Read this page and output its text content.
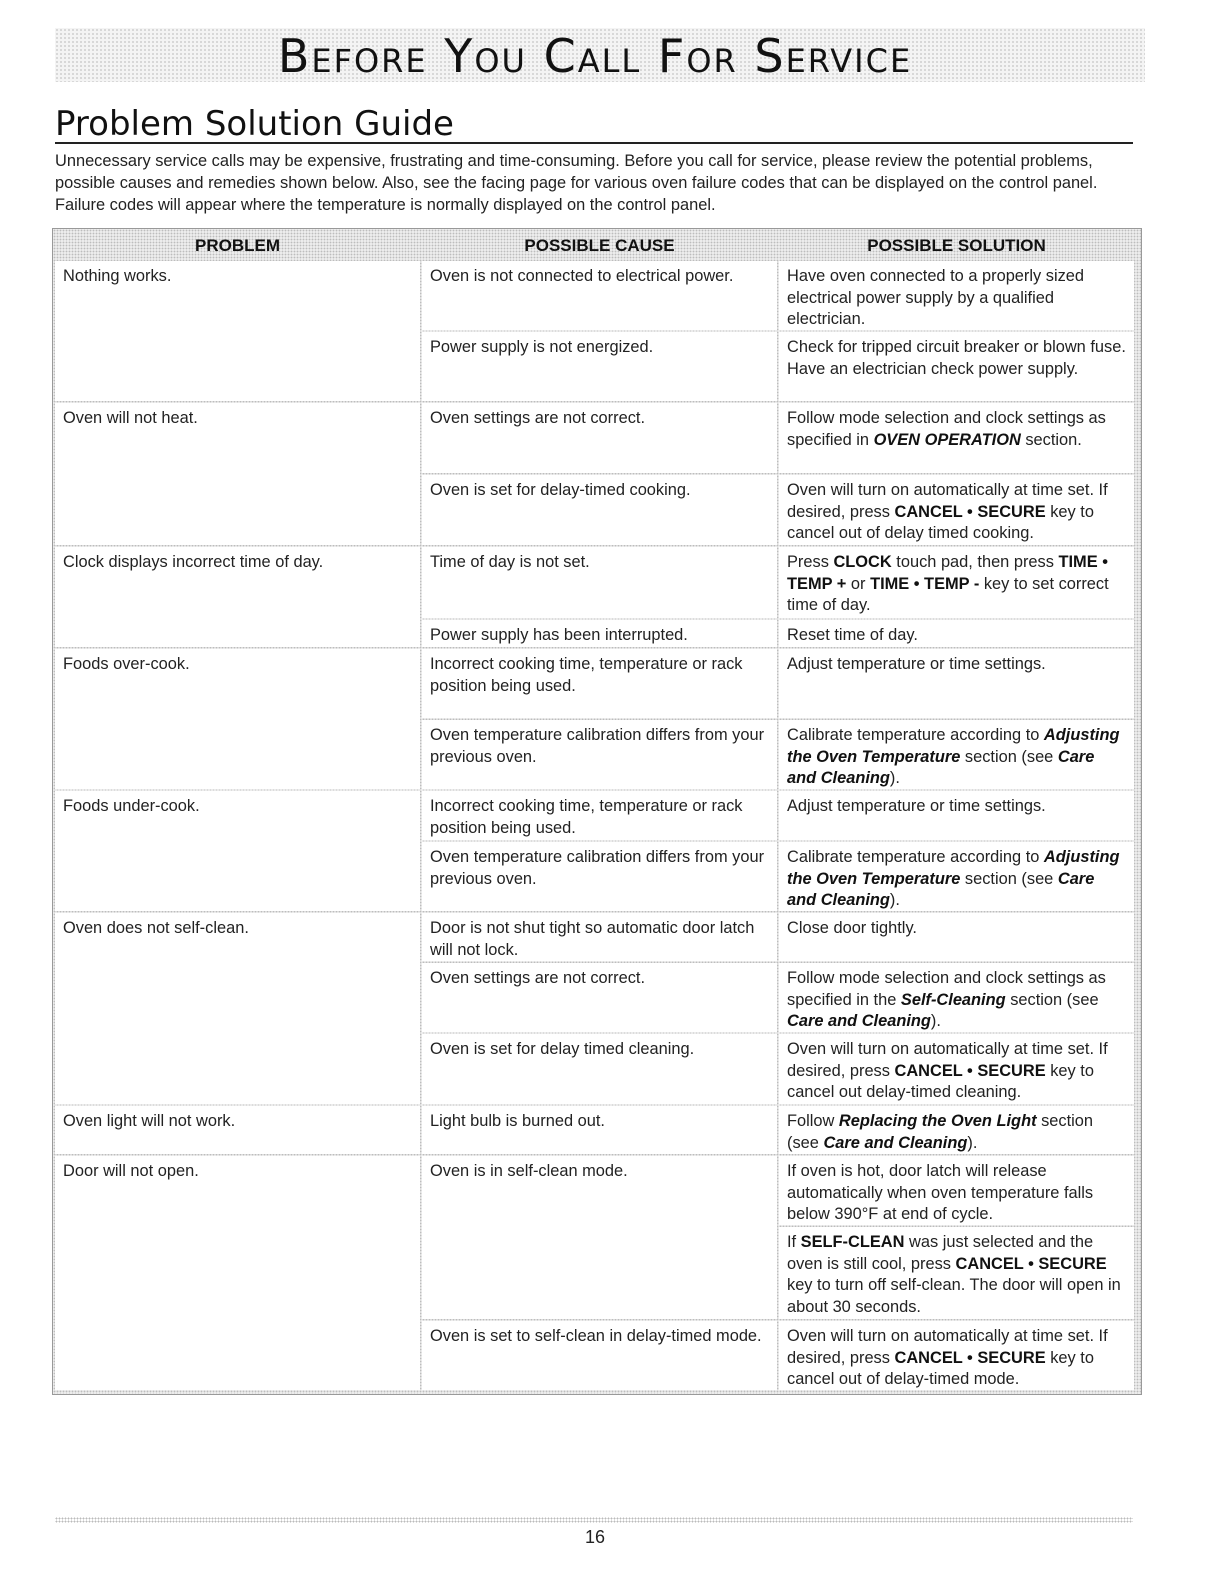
Before You Call For Service
Problem Solution Guide

Unnecessary service calls may be expensive, frustrating and time-consuming. Before you call for service, please review the potential problems, possible causes and remedies shown below. Also, see the facing page for various oven failure codes that can be displayed on the control panel. Failure codes will appear where the temperature is normally displayed on the control panel.

PROBLEM	POSSIBLE CAUSE	POSSIBLE SOLUTION
Nothing works.
Oven will not heat.
Clock displays incorrect time of day.
Foods over-cook.
Foods under-cook.
Oven does not self-clean.
Oven light will not work.
Door will not open.
Oven is not connected to electrical power.
Power supply is not energized.
Oven settings are not correct.
Oven is set for delay-timed cooking.
Time of day is not set.
Power supply has been interrupted.
Incorrect cooking time, temperature or rack position being used.
Oven temperature calibration differs from your previous oven.
Incorrect cooking time, temperature or rack position being used.
Oven temperature calibration differs from your previous oven.
Door is not shut tight so automatic door latch will not lock.
Oven settings are not correct.
Oven is set for delay timed cleaning.
Light bulb is burned out.
Oven is in self-clean mode.
Oven is set to self-clean in delay-timed mode.
Have oven connected to a properly sized electrical power supply by a qualified electrician.
Check for tripped circuit breaker or blown fuse. Have an electrician check power supply.
Follow mode selection and clock settings as specified in OVEN OPERATION section.
Oven will turn on automatically at time set. If desired, press CANCEL • SECURE key to cancel out of delay timed cooking.
Press CLOCK touch pad, then press TIME • TEMP + or TIME • TEMP - key to set correct time of day.
Reset time of day.
Adjust temperature or time settings.
Calibrate temperature according to Adjusting the Oven Temperature section (see Care and Cleaning).
Adjust temperature or time settings.
Calibrate temperature according to Adjusting the Oven Temperature section (see Care and Cleaning).
Close door tightly.
Follow mode selection and clock settings as specified in the Self-Cleaning section (see Care and Cleaning).
Oven will turn on automatically at time set. If desired, press CANCEL • SECURE key to cancel out delay-timed cleaning.
Follow Replacing the Oven Light section (see Care and Cleaning).
If oven is hot, door latch will release automatically when oven temperature falls below 390°F at end of cycle.
If SELF-CLEAN was just selected and the oven is still cool, press CANCEL • SECURE key to turn off self-clean. The door will open in about 30 seconds.
Oven will turn on automatically at time set. If desired, press CANCEL • SECURE key to cancel out of delay-timed mode.
16
